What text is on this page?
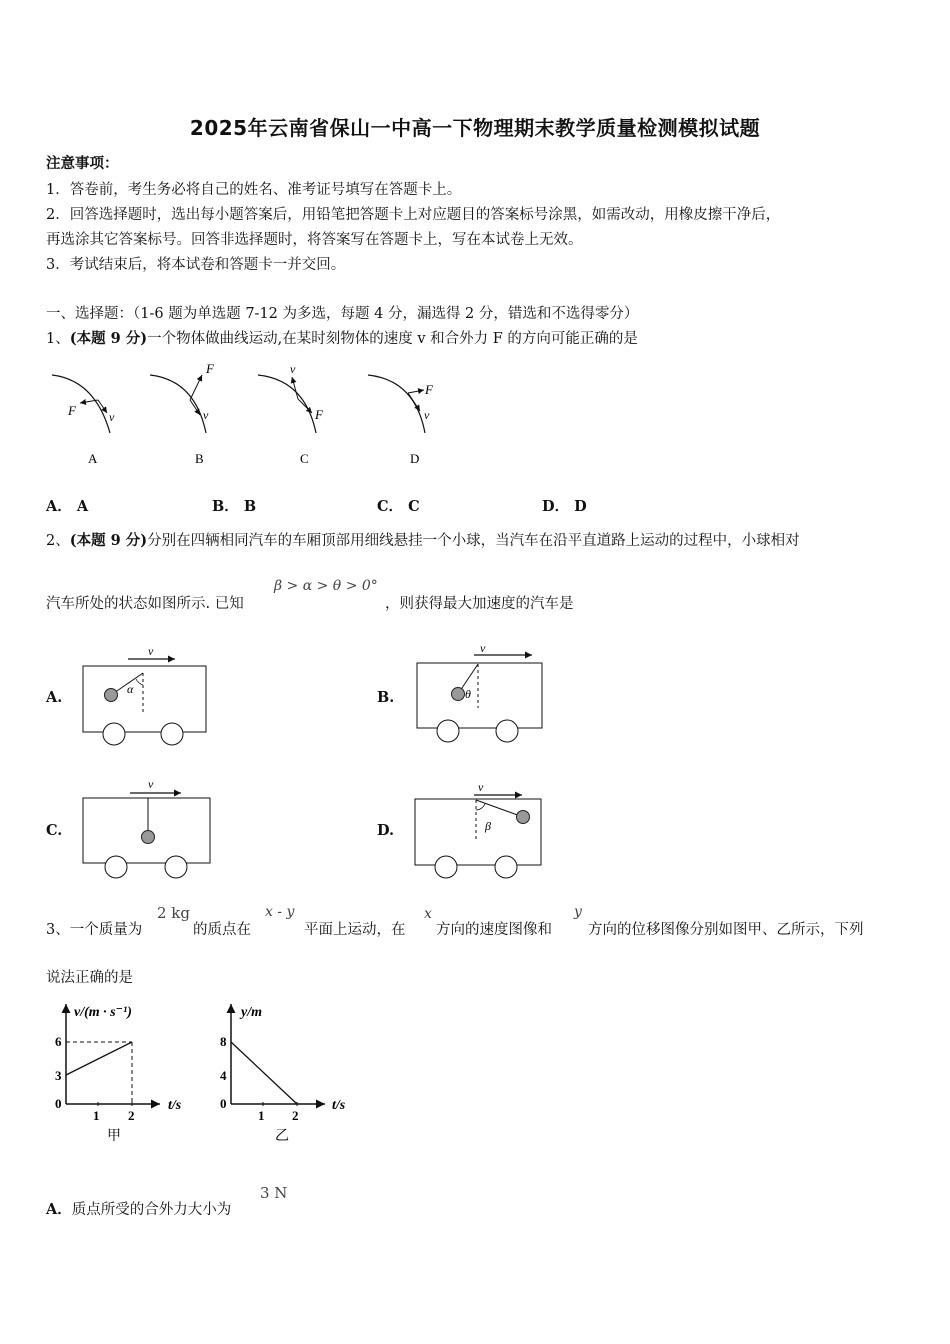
2025年云南省保山一中高一下物理期末教学质量检测模拟试题
注意事项：
1．答卷前，考生务必将自己的姓名、准考证号填写在答题卡上。
2．回答选择题时，选出每小题答案后，用铅笔把答题卡上对应题目的答案标号涂黑，如需改动，用橡皮擦干净后，
再选涂其它答案标号。回答非选择题时，将答案写在答题卡上，写在本试卷上无效。
3．考试结束后，将本试卷和答题卡一并交回。
一、选择题：（1-6 题为单选题 7-12 为多选，每题 4 分，漏选得 2 分，错选和不选得零分）
1、(本题 9 分)一个物体做曲线运动,在某时刻物体的速度 v 和合外力 F 的方向可能正确的是
F	v
A
F
v
B
v
F
C
F
v
D
A． A	B． B	C． C	D． D
2、(本题 9 分)分别在四辆相同汽车的车厢顶部用细线悬挂一个小球，当汽车在沿平直道路上运动的过程中，小球相对
汽车所处的状态如图所示. 已知
β > α > θ > 0°
，则获得最大加速度的汽车是
A.
v
α	B.
v
θ
C.
v
D.
v
β
3、一个质量为
2 kg
的质点在
x - y
平面上运动，在
x
方向的速度图像和
y
方向的位移图像分别如图甲、乙所示，下列
说法正确的是
v/(m · s⁻¹)
t/s
6
3
0
1 2
甲
y/m
t/s
8
4
0
1 2
乙
A．质点所受的合外力大小为
3 N
